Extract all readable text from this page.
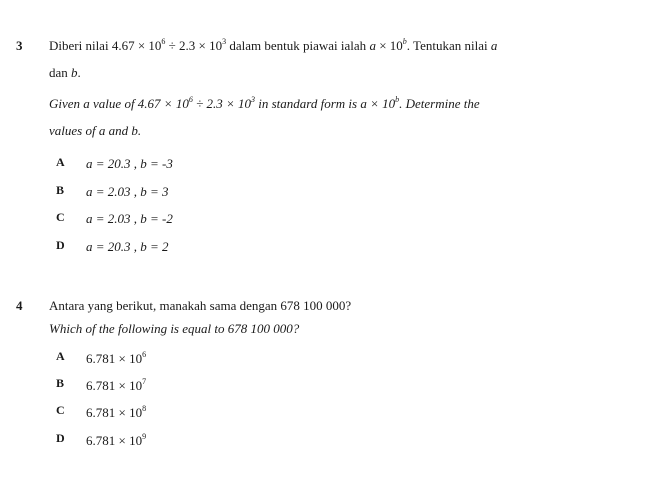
3 Diberi nilai $4.67 \times 10^6 \div 2.3 \times 10^3$ dalam bentuk piawai ialah $a \times 10^b$. Tentukan nilai a
dan b.
Given a value of $4.67 \times 10^6 \div 2.3 \times 10^3$ in standard form is $a \times 10^b$. Determine the
values of a and b.
A a = 20.3 , b = -3
B a = 2.03 , b = 3
C a = 2.03 , b = -2
D a = 20.3 , b = 2
4 Antara yang berikut, manakah sama dengan 678 100 000?
Which of the following is equal to 678 100 000?
A $6.781 \times 10^6$
B $6.781 \times 10^7$
C $6.781 \times 10^8$
D $6.781 \times 10^9$
